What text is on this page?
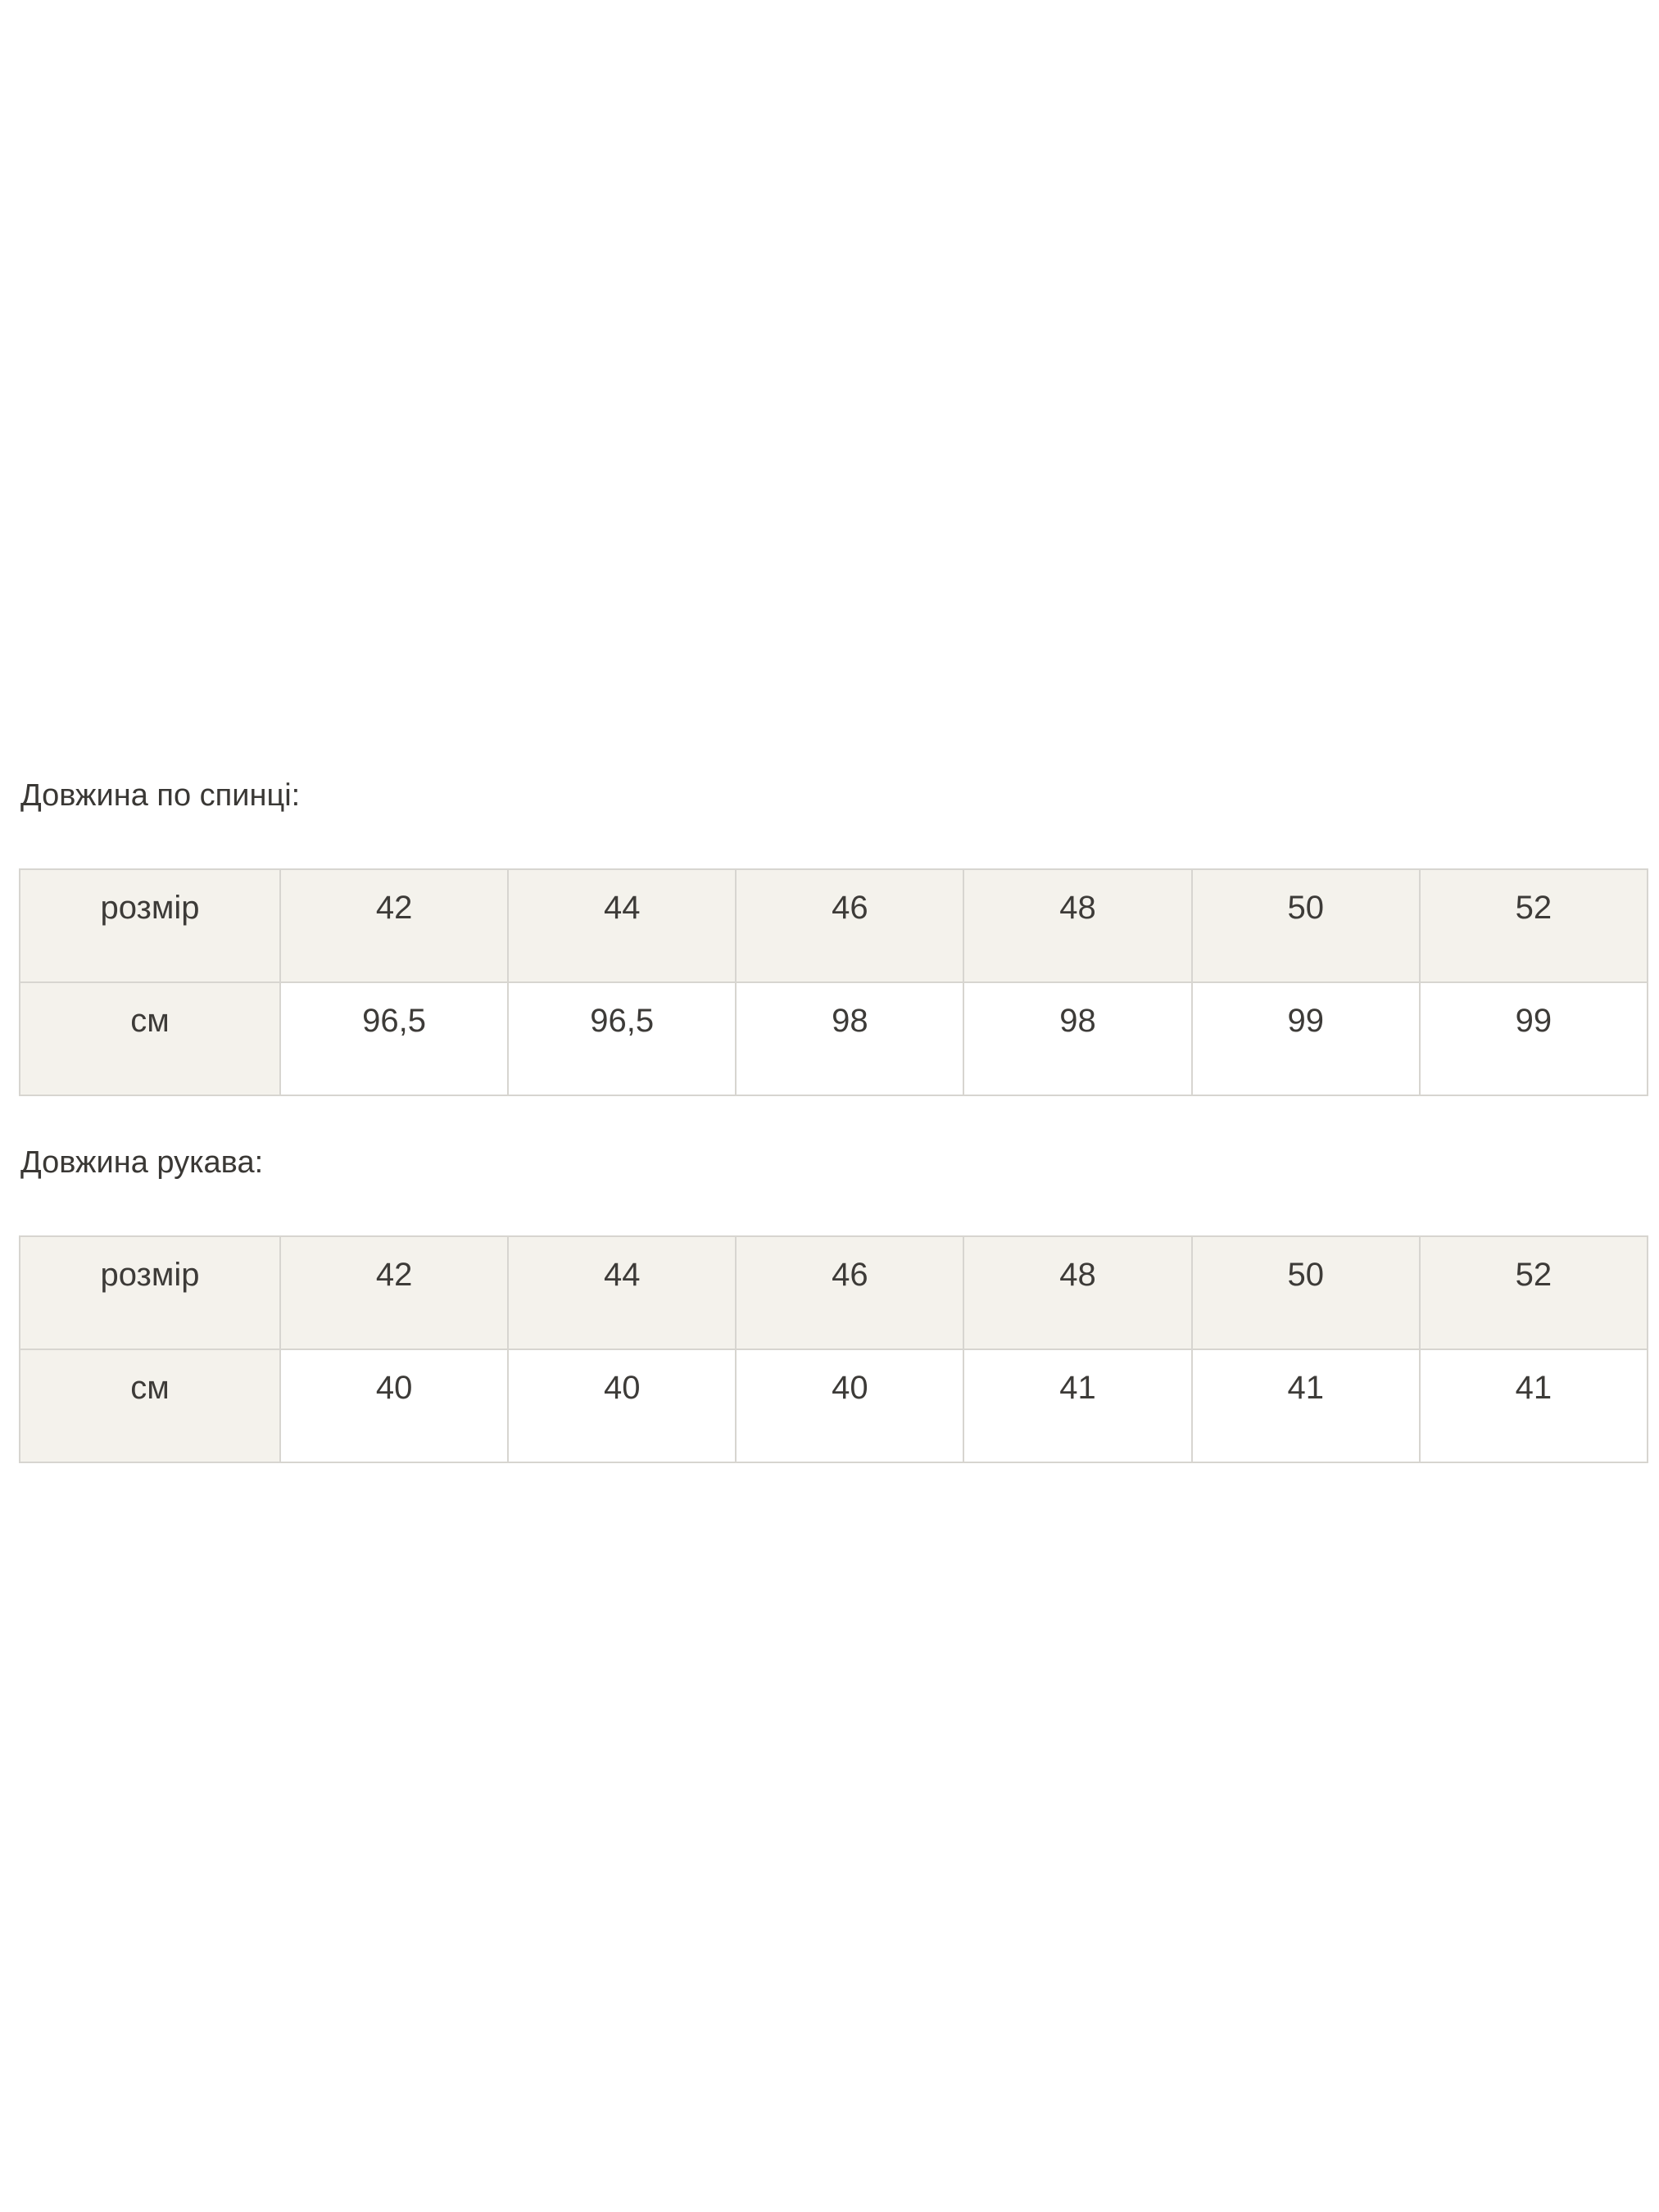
Довжина по спинці:
розмір	42	44	46	48	50	52
см	96,5	96,5	98	98	99	99
Довжина рукава:
розмір	42	44	46	48	50	52
см	40	40	40	41	41	41
